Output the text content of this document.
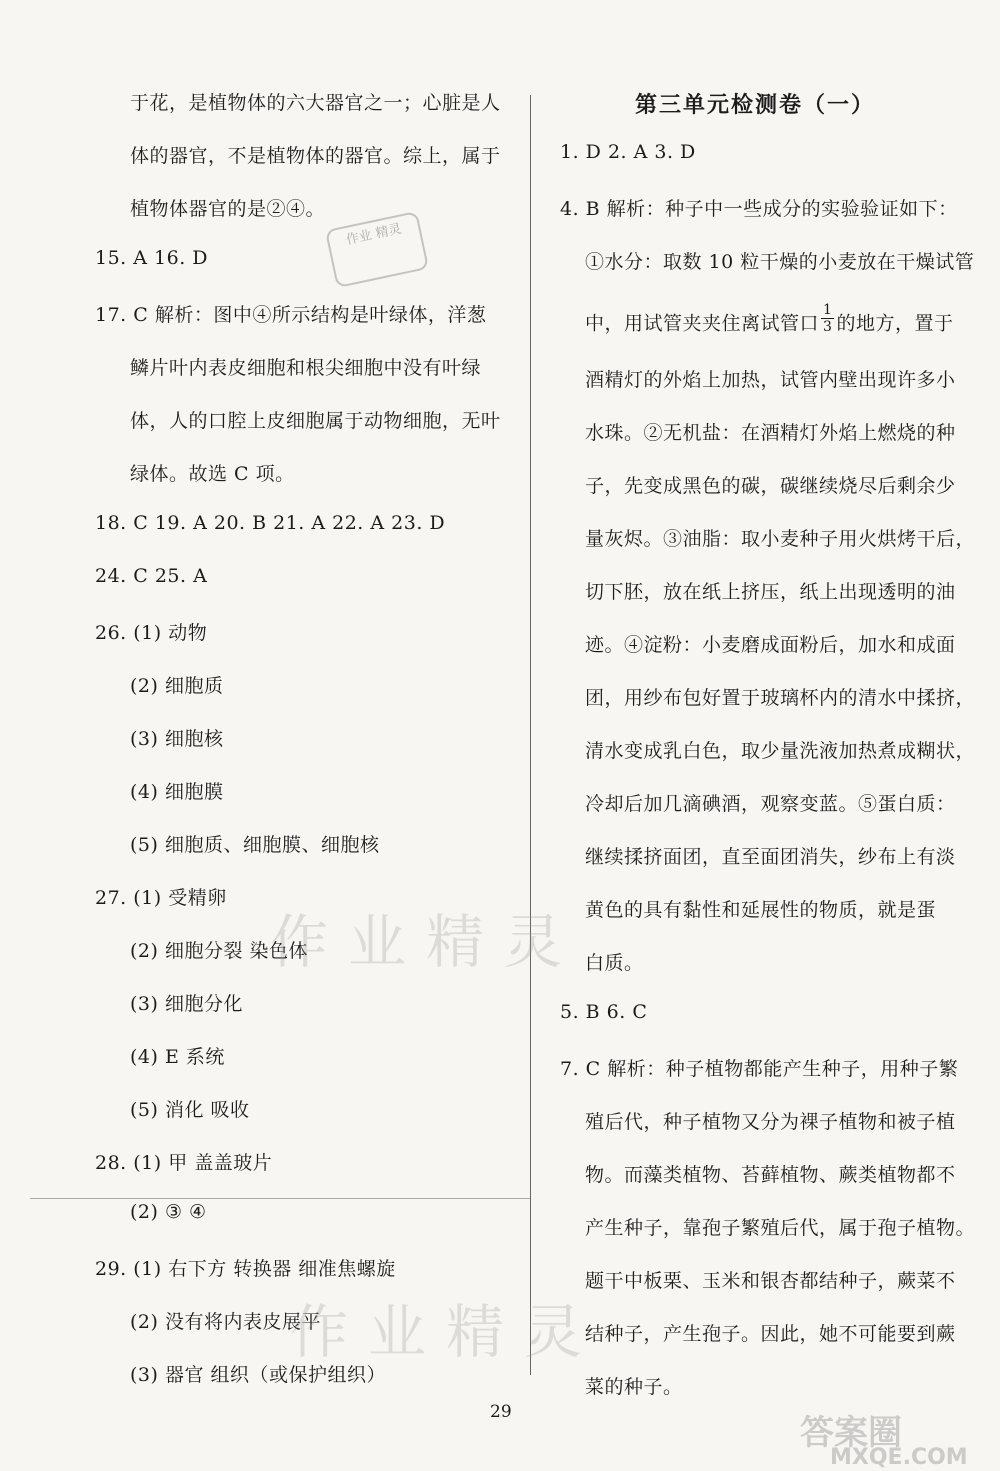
于花，是植物体的六大器官之一；心脏是人
体的器官，不是植物体的器官。综上，属于
植物体器官的是②④。
15. A 16. D
17. C 解析：图中④所示结构是叶绿体，洋葱
鳞片叶内表皮细胞和根尖细胞中没有叶绿
体，人的口腔上皮细胞属于动物细胞，无叶
绿体。故选 C 项。
18. C 19. A 20. B 21. A 22. A 23. D
24. C 25. A
26. (1) 动物
(2) 细胞质
(3) 细胞核
(4) 细胞膜
(5) 细胞质、细胞膜、细胞核
27. (1) 受精卵
(2) 细胞分裂 染色体
(3) 细胞分化
(4) E 系统
(5) 消化 吸收
28. (1) 甲 盖盖玻片
(2) ③ ④
29. (1) 右下方 转换器 细准焦螺旋
(2) 没有将内表皮展平
(3) 器官 组织（或保护组织）
第三单元检测卷（一）
1. D 2. A 3. D
4. B 解析：种子中一些成分的实验验证如下：
①水分：取数 10 粒干燥的小麦放在干燥试管
中，用试管夹夹住离试管口 $\frac{1}{3}$ 的地方，置于
酒精灯的外焰上加热，试管内壁出现许多小
水珠。②无机盐：在酒精灯外焰上燃烧的种
子，先变成黑色的碳，碳继续烧尽后剩余少
量灰烬。③油脂：取小麦种子用火烘烤干后，
切下胚，放在纸上挤压，纸上出现透明的油
迹。④淀粉：小麦磨成面粉后，加水和成面
团，用纱布包好置于玻璃杯内的清水中揉挤，
清水变成乳白色，取少量洗液加热煮成糊状，
冷却后加几滴碘酒，观察变蓝。⑤蛋白质：
继续揉挤面团，直至面团消失，纱布上有淡
黄色的具有黏性和延展性的物质，就是蛋
白质。
5. B 6. C
7. C 解析：种子植物都能产生种子，用种子繁
殖后代，种子植物又分为裸子植物和被子植
物。而藻类植物、苔藓植物、蕨类植物都不
产生种子，靠孢子繁殖后代，属于孢子植物。
题干中板栗、玉米和银杏都结种子，蕨菜不
结种子，产生孢子。因此，她不可能要到蕨
菜的种子。
作业精灵
作业精灵
作业 精灵
29
答案圈
MXQE.COM
